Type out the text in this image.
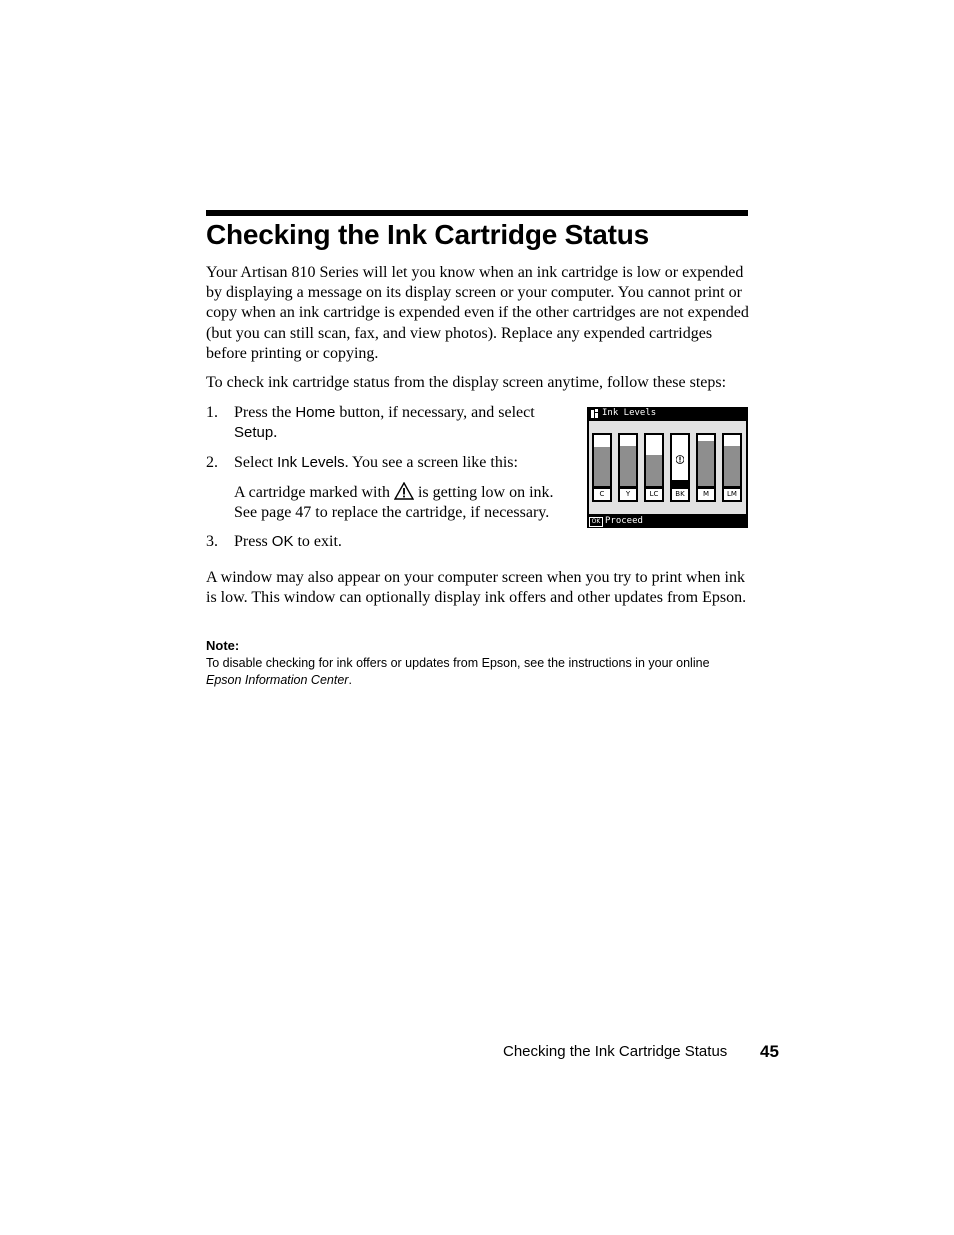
Checking the Ink Cartridge Status

Your Artisan 810 Series will let you know when an ink cartridge is low or expended by displaying a message on its display screen or your computer. You cannot print or copy when an ink cartridge is expended even if the other cartridges are not expended (but you can still scan, fax, and view photos). Replace any expended cartridges before printing or copying.

To check ink cartridge status from the display screen anytime, follow these steps:

1.	Press the Home button, if necessary, and select Setup.
2.	Select Ink Levels. You see a screen like this:
A cartridge marked with  is getting low on ink. See page 47 to replace the cartridge, if necessary.
3.	Press OK to exit.
Ink Levels
C	Y	LC	BK	M	LM
OK Proceed

A window may also appear on your computer screen when you try to print when ink is low. This window can optionally display ink offers and other updates from Epson.

Note:

To disable checking for ink offers or updates from Epson, see the instructions in your online Epson Information Center.

Checking the Ink Cartridge Status 45
